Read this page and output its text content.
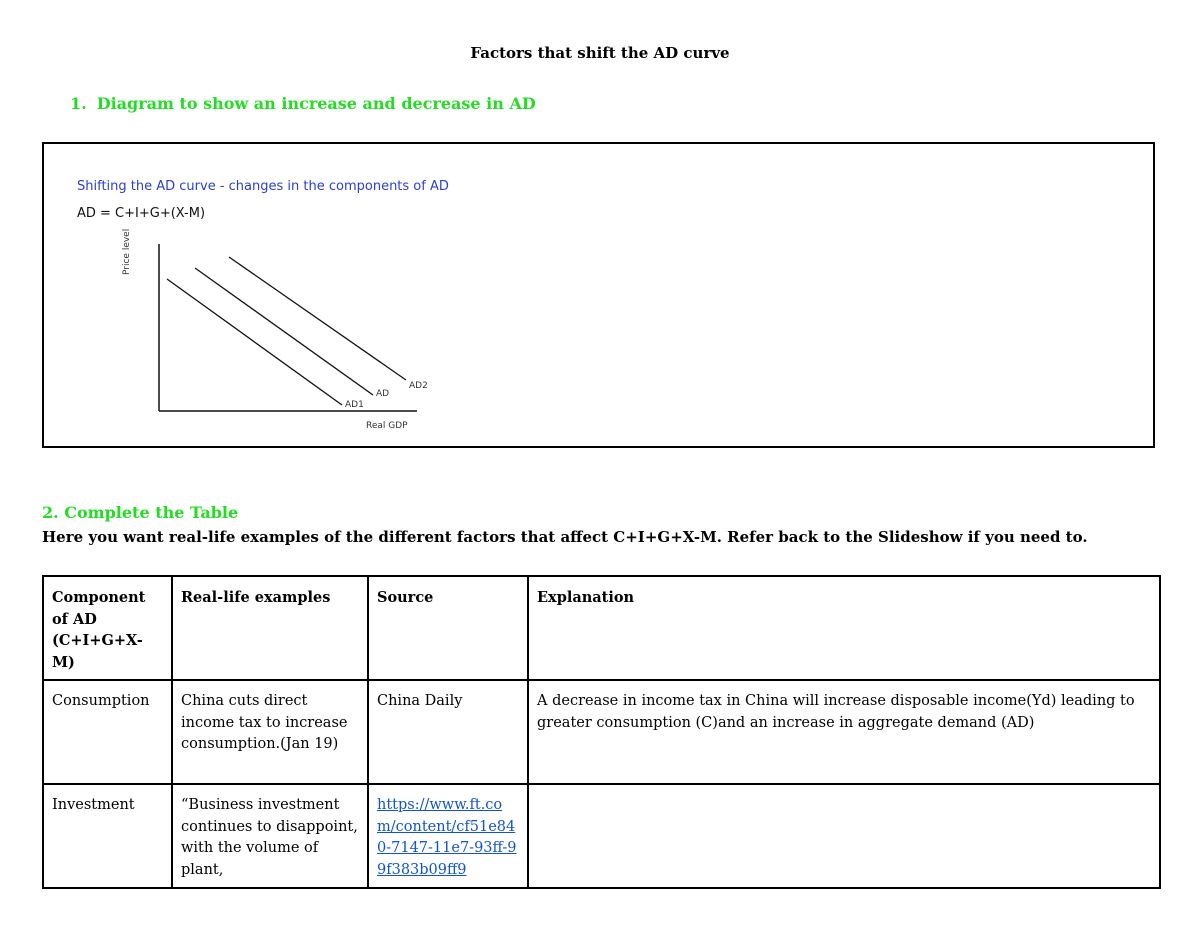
Factors that shift the AD curve
1. Diagram to show an increase and decrease in AD
Shifting the AD curve - changes in the components of AD
AD = C+I+G+(X-M)
Price level
Real GDP
AD1
AD
AD2
2. Complete the Table
Here you want real-life examples of the different factors that affect C+I+G+X-M. Refer back to the Slideshow if you need to.
Component of AD (C+I+G+X-M)	Real-life examples	Source	Explanation
Consumption	China cuts direct income tax to increase consumption.(Jan 19)	China Daily	A decrease in income tax in China will increase disposable income(Yd) leading to greater consumption (C)and an increase in aggregate demand (AD)
Investment	“Business investment continues to disappoint, with the volume of plant,	https://www.ft.com/content/cf51e840-7147-11e7-93ff-99f383b09ff9	
